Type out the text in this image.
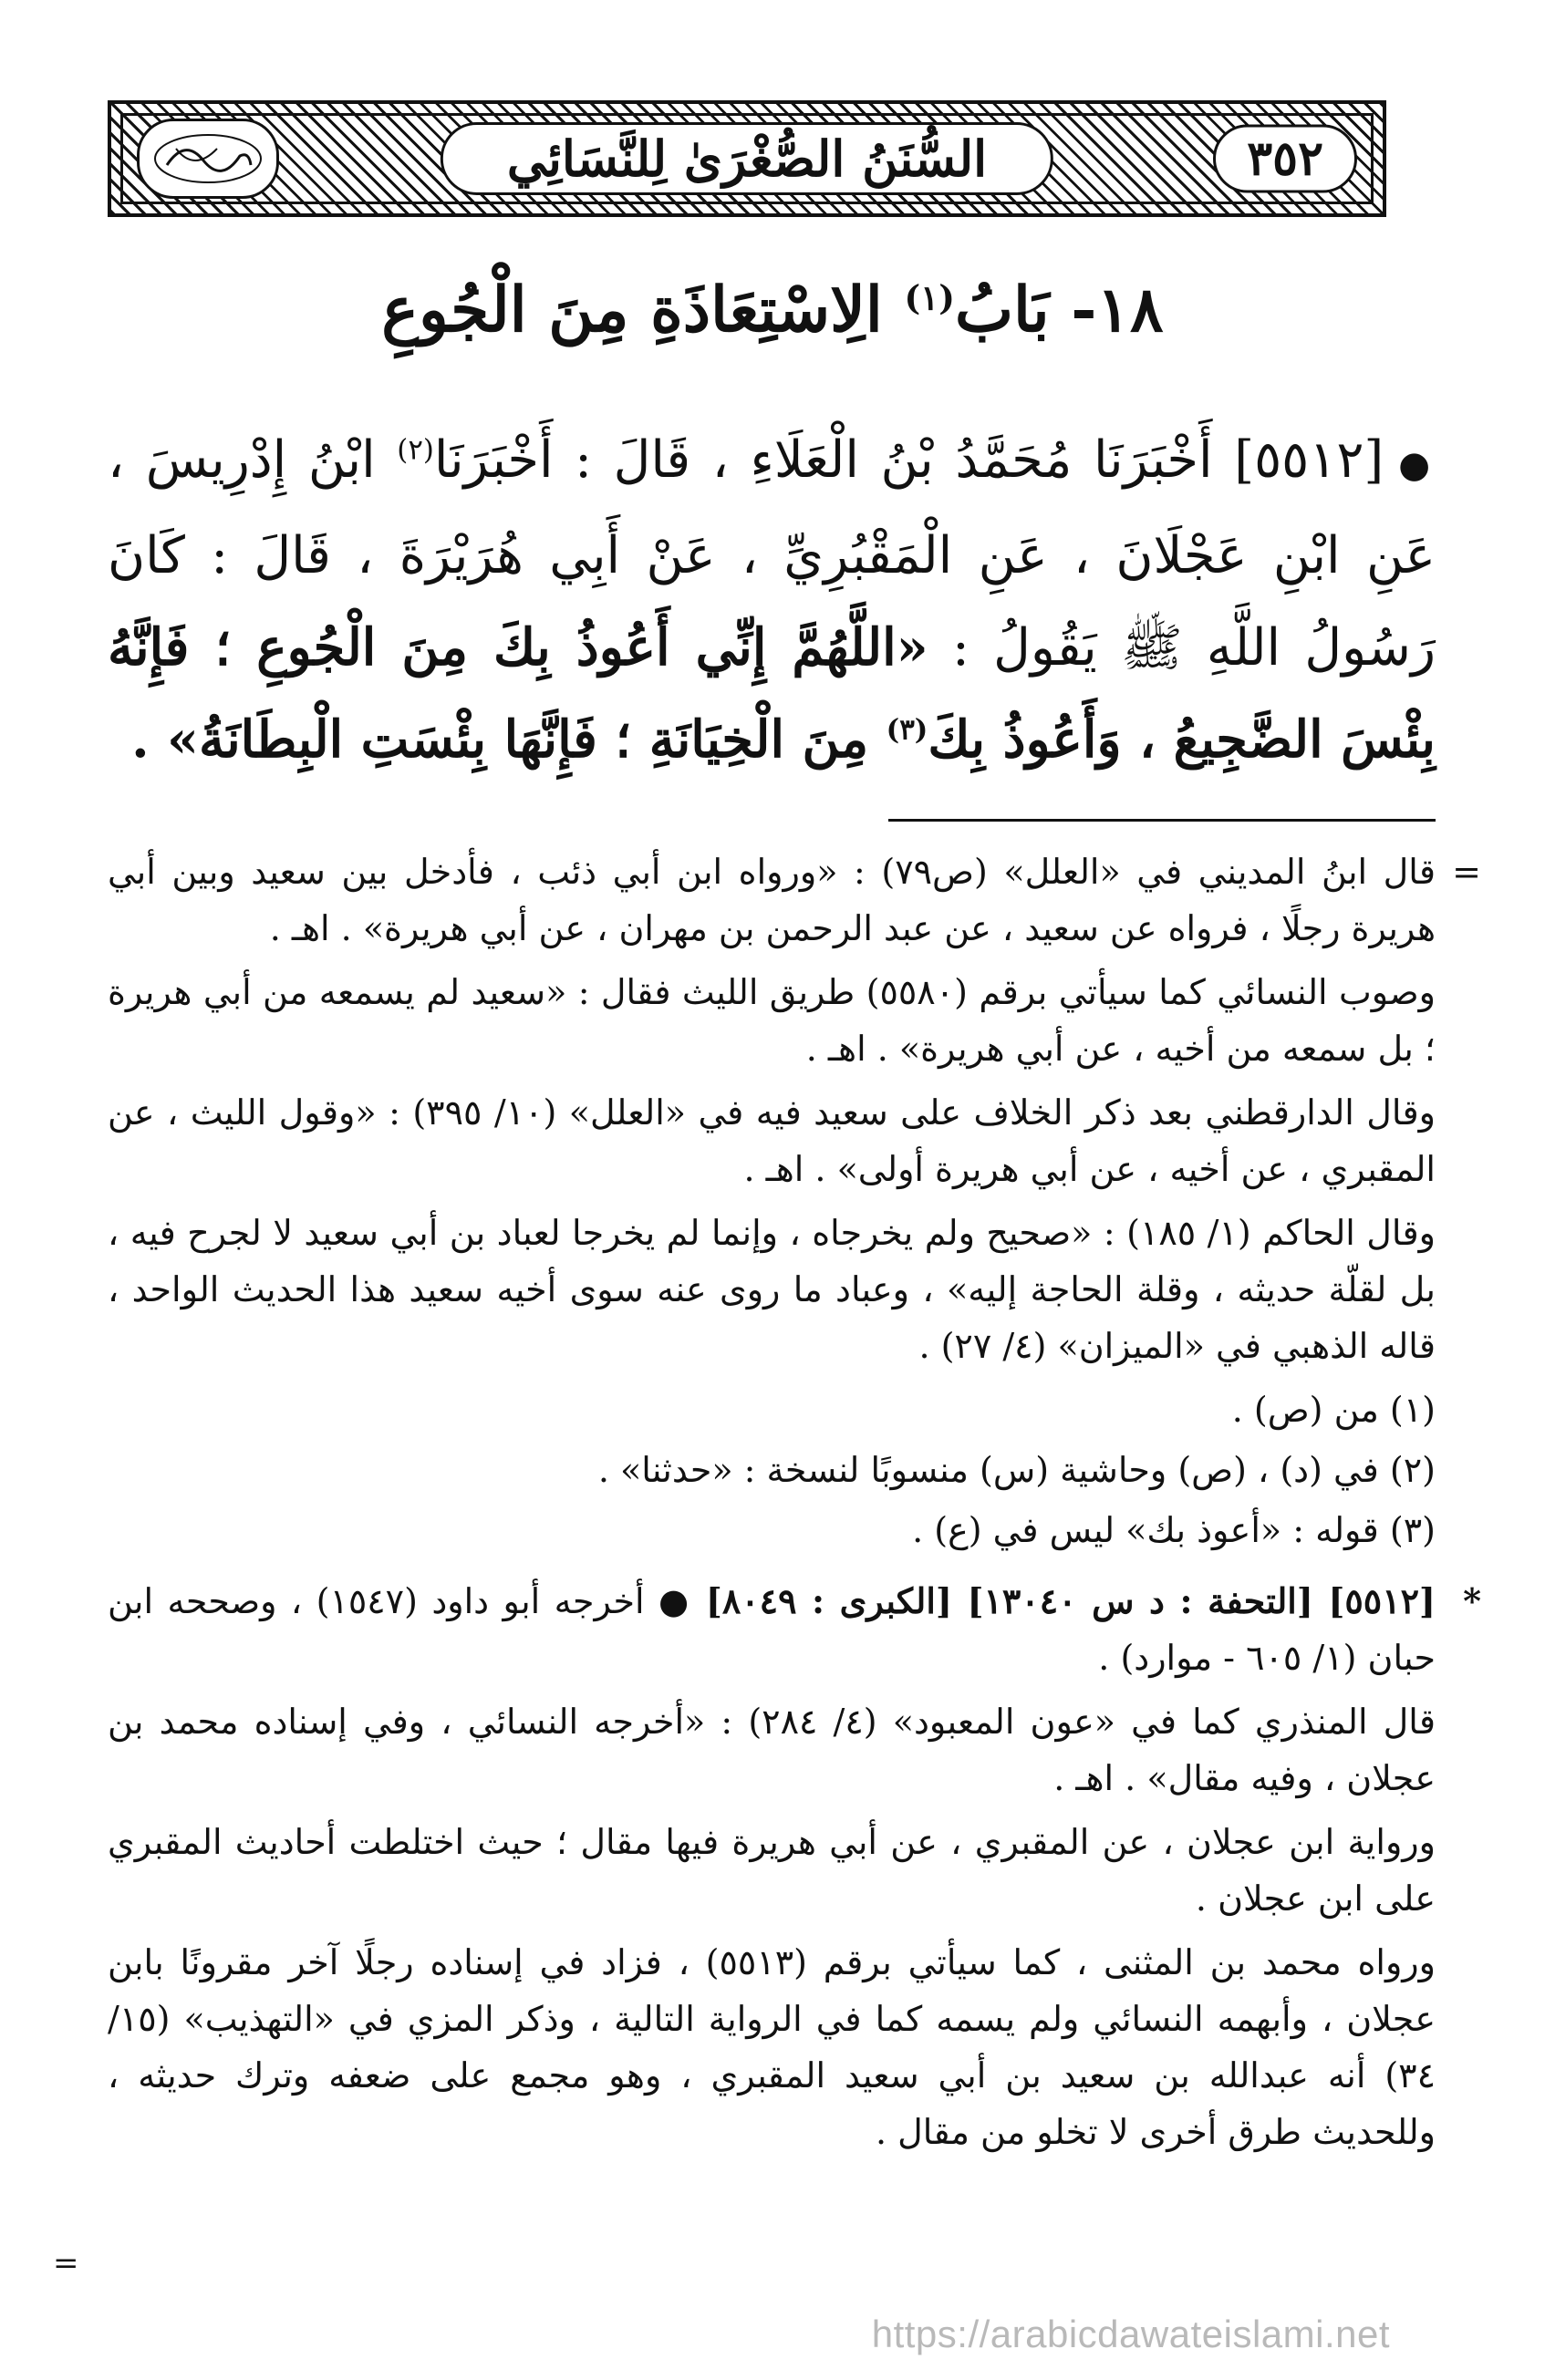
السُّنَنُ الصُّغْرَىٰ لِلنَّسَائِي	٣٥٢
١٨- بَابُ$^{(١)}$ الِاسْتِعَاذَةِ مِنَ الْجُوعِ
●[٥٥١٢] أَخْبَرَنَا مُحَمَّدُ بْنُ الْعَلَاءِ ، قَالَ : أَخْبَرَنَا$^{(٢)}$ ابْنُ إِدْرِيسَ ، عَنِ ابْنِ عَجْلَانَ ، عَنِ الْمَقْبُرِيِّ ، عَنْ أَبِي هُرَيْرَةَ ، قَالَ : كَانَ رَسُولُ اللَّهِ ﷺ يَقُولُ : «اللَّهُمَّ إِنِّي أَعُوذُ بِكَ مِنَ الْجُوعِ ؛ فَإِنَّهُ بِئْسَ الضَّجِيعُ ، وَأَعُوذُ بِكَ$^{(٣)}$ مِنَ الْخِيَانَةِ ؛ فَإِنَّهَا بِئْسَتِ الْبِطَانَةُ» .
=

قال ابنُ المديني في «العلل» (ص٧٩) : «ورواه ابن أبي ذئب ، فأدخل بين سعيد وبين أبي هريرة رجلًا ، فرواه عن سعيد ، عن عبد الرحمن بن مهران ، عن أبي هريرة» . اهـ .

وصوب النسائي كما سيأتي برقم (٥٥٨٠) طريق الليث فقال : «سعيد لم يسمعه من أبي هريرة ؛ بل سمعه من أخيه ، عن أبي هريرة» . اهـ .

وقال الدارقطني بعد ذكر الخلاف على سعيد فيه في «العلل» (١٠/ ٣٩٥) : «وقول الليث ، عن المقبري ، عن أخيه ، عن أبي هريرة أولى» . اهـ .

وقال الحاكم (١/ ١٨٥) : «صحيح ولم يخرجاه ، وإنما لم يخرجا لعباد بن أبي سعيد لا لجرح فيه ، بل لقلّة حديثه ، وقلة الحاجة إليه» ، وعباد ما روى عنه سوى أخيه سعيد هذا الحديث الواحد ، قاله الذهبي في «الميزان» (٤/ ٢٧) .

(١) من (ص) .

(٢) في (د) ، (ص) وحاشية (س) منسوبًا لنسخة : «حدثنا» .

(٣) قوله : «أعوذ بك» ليس في (ع) .

*
[٥٥١٢] [التحفة : د س ١٣٠٤٠] [الكبرى : ٨٠٤٩] ● أخرجه أبو داود (١٥٤٧) ، وصححه ابن حبان (١/ ٦٠٥ - موارد) .

قال المنذري كما في «عون المعبود» (٤/ ٢٨٤) : «أخرجه النسائي ، وفي إسناده محمد بن عجلان ، وفيه مقال» . اهـ .

ورواية ابن عجلان ، عن المقبري ، عن أبي هريرة فيها مقال ؛ حيث اختلطت أحاديث المقبري على ابن عجلان .

ورواه محمد بن المثنى ، كما سيأتي برقم (٥٥١٣) ، فزاد في إسناده رجلًا آخر مقرونًا بابن عجلان ، وأبهمه النسائي ولم يسمه كما في الرواية التالية ، وذكر المزي في «التهذيب» (١٥/ ٣٤) أنه عبدالله بن سعيد بن أبي سعيد المقبري ، وهو مجمع على ضعفه وترك حديثه ، وللحديث طرق أخرى لا تخلو من مقال .

=
https://arabicdawateislami.net
